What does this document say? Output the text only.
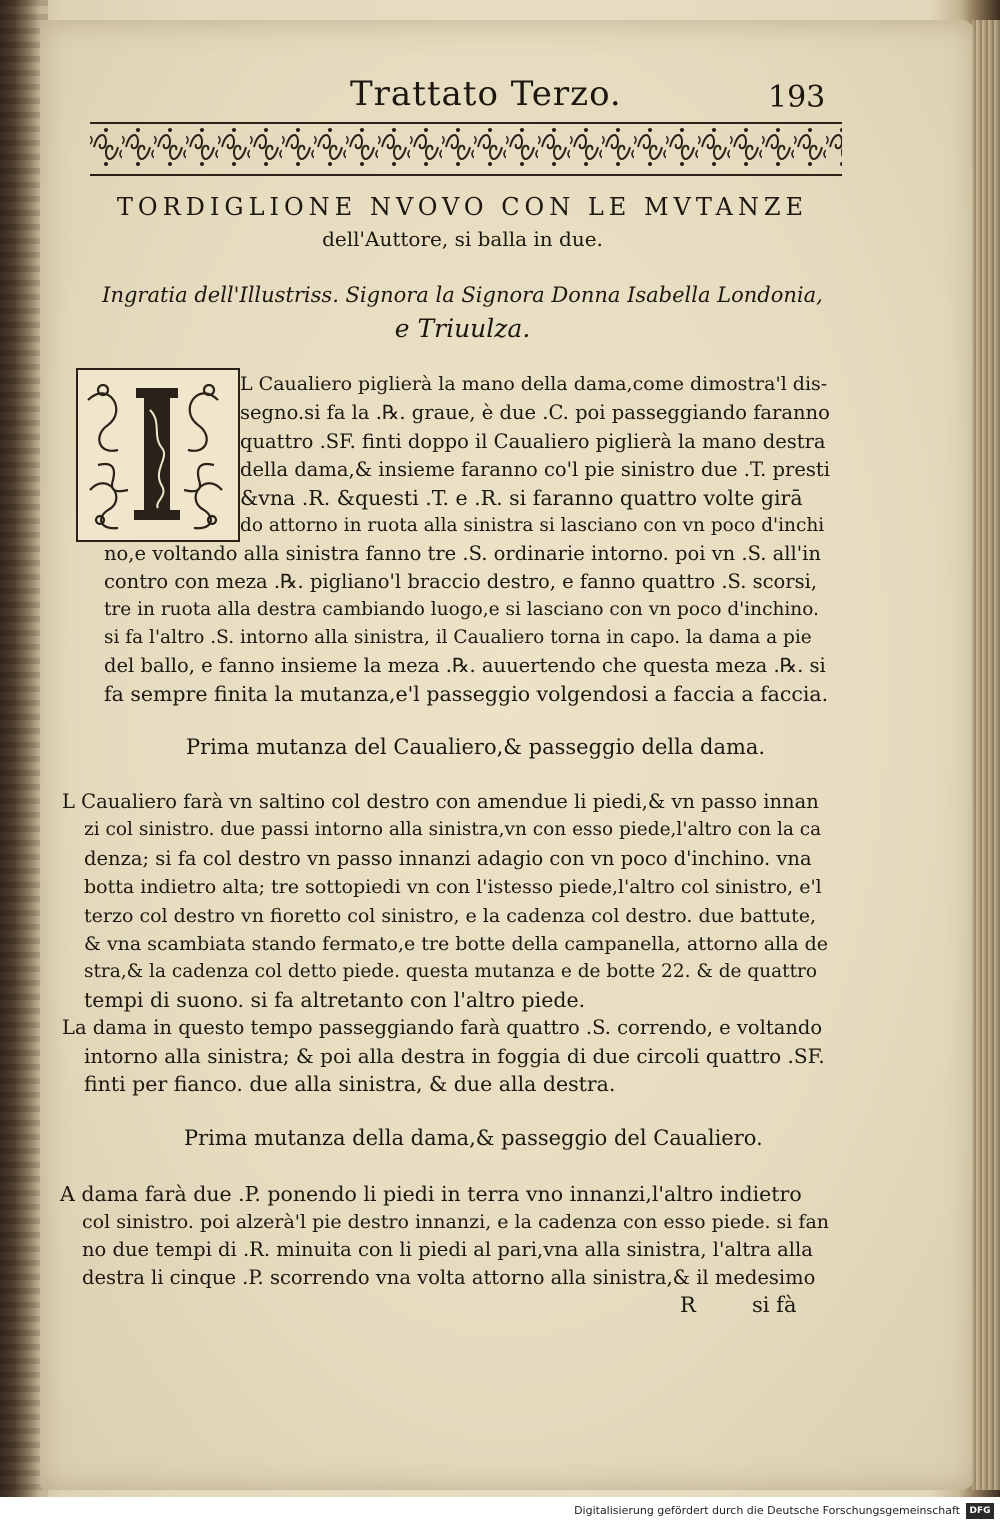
Trattato Terzo.	193
TORDIGLIONE NVOVO CON LE MVTANZE
dell'Auttore, si balla in due.
Ingratia dell'Illustriss. Signora la Signora Donna Isabella Londonia,
e Triuulza.
L Caualiero piglierà la mano della dama,come dimostra'l dis-
segno.si fa la .℞. graue, è due .C. poi passeggiando faranno
quattro .SF. finti doppo il Caualiero piglierà la mano destra
della dama,& insieme faranno co'l pie sinistro due .T. presti
&vna .R. &questi .T. e .R. si faranno quattro volte girā
do attorno in ruota alla sinistra si lasciano con vn poco d'inchi
no,e voltando alla sinistra fanno tre .S. ordinarie intorno. poi vn .S. all'in
contro con meza .℞. pigliano'l braccio destro, e fanno quattro .S. scorsi,
tre in ruota alla destra cambiando luogo,e si lasciano con vn poco d'inchino.
si fa l'altro .S. intorno alla sinistra, il Caualiero torna in capo. la dama a pie
del ballo, e fanno insieme la meza .℞. auuertendo che questa meza .℞. si
fa sempre finita la mutanza,e'l passeggio volgendosi a faccia a faccia.
Prima mutanza del Caualiero,& passeggio della dama.
L Caualiero farà vn saltino col destro con amendue li piedi,& vn passo innan
zi col sinistro. due passi intorno alla sinistra,vn con esso piede,l'altro con la ca
denza; si fa col destro vn passo innanzi adagio con vn poco d'inchino. vna
botta indietro alta; tre sottopiedi vn con l'istesso piede,l'altro col sinistro, e'l
terzo col destro vn fioretto col sinistro, e la cadenza col destro. due battute,
& vna scambiata stando fermato,e tre botte della campanella, attorno alla de
stra,& la cadenza col detto piede. questa mutanza e de botte 22. & de quattro
tempi di suono. si fa altretanto con l'altro piede.
La dama in questo tempo passeggiando farà quattro .S. correndo, e voltando
intorno alla sinistra; & poi alla destra in foggia di due circoli quattro .SF.
finti per fianco. due alla sinistra, & due alla destra.
Prima mutanza della dama,& passeggio del Caualiero.
A dama farà due .P. ponendo li piedi in terra vno innanzi,l'altro indietro
col sinistro. poi alzerà'l pie destro innanzi, e la cadenza con esso piede. si fan
no due tempi di .R. minuita con li piedi al pari,vna alla sinistra, l'altra alla
destra li cinque .P. scorrendo vna volta attorno alla sinistra,& il medesimo
R	si fà
Digitalisierung gefördert durch die Deutsche Forschungsgemeinschaft	DFG
